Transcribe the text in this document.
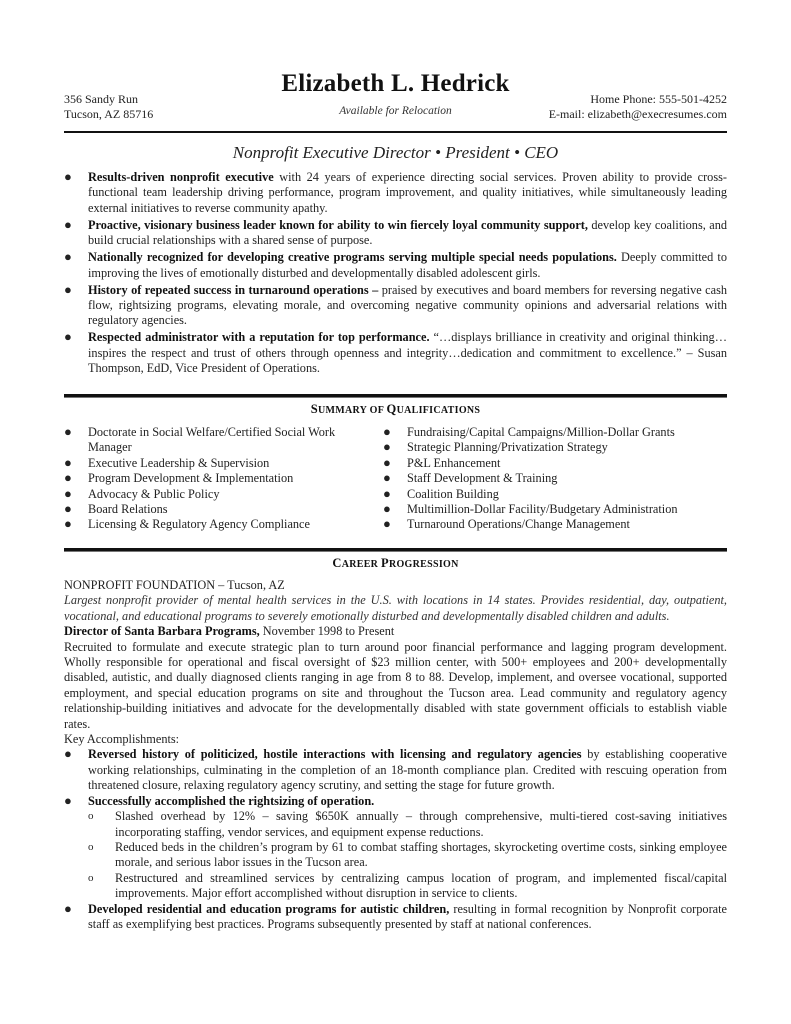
356 Sandy Run
Tucson, AZ 85716
Elizabeth L. Hedrick
Available for Relocation
Home Phone: 555-501-4252
E-mail: elizabeth@execresumes.com
Nonprofit Executive Director • President • CEO
● Results-driven nonprofit executive with 24 years of experience directing social services. Proven ability to provide cross-functional team leadership driving performance, program improvement, and quality initiatives, while simultaneously leading external initiatives to reverse community apathy.
● Proactive, visionary business leader known for ability to win fiercely loyal community support, develop key coalitions, and build crucial relationships with a shared sense of purpose.
● Nationally recognized for developing creative programs serving multiple special needs populations. Deeply committed to improving the lives of emotionally disturbed and developmentally disabled adolescent girls.
● History of repeated success in turnaround operations – praised by executives and board members for reversing negative cash flow, rightsizing programs, elevating morale, and overcoming negative community opinions and adversarial relations with regulatory agencies.
● Respected administrator with a reputation for top performance. “…displays brilliance in creativity and original thinking…inspires the respect and trust of others through openness and integrity…dedication and commitment to excellence.” – Susan Thompson, EdD, Vice President of Operations.
SUMMARY OF QUALIFICATIONS
● Doctorate in Social Welfare/Certified Social Work Manager
● Executive Leadership & Supervision
● Program Development & Implementation
● Advocacy & Public Policy
● Board Relations
● Licensing & Regulatory Agency Compliance
● Fundraising/Capital Campaigns/Million-Dollar Grants
● Strategic Planning/Privatization Strategy
● P&L Enhancement
● Staff Development & Training
● Coalition Building
● Multimillion-Dollar Facility/Budgetary Administration
● Turnaround Operations/Change Management
CAREER PROGRESSION

NONPROFIT FOUNDATION – Tucson, AZ

Largest nonprofit provider of mental health services in the U.S. with locations in 14 states. Provides residential, day, outpatient, vocational, and educational programs to severely emotionally disturbed and developmentally disabled children and adults.

Director of Santa Barbara Programs, November 1998 to Present

Recruited to formulate and execute strategic plan to turn around poor financial performance and lagging program development. Wholly responsible for operational and fiscal oversight of $23 million center, with 500+ employees and 200+ developmentally disabled, autistic, and dually diagnosed clients ranging in age from 8 to 88. Develop, implement, and oversee vocational, supported employment, and special education programs on site and throughout the Tucson area. Lead community and regulatory agency relationship-building initiatives and advocate for the developmentally disabled with state government officials to establish viable rates.

Key Accomplishments:

● Reversed history of politicized, hostile interactions with licensing and regulatory agencies by establishing cooperative working relationships, culminating in the completion of an 18-month compliance plan. Credited with rescuing operation from threatened closure, relaxing regulatory agency scrutiny, and setting the stage for future growth.
● Successfully accomplished the rightsizing of operation.
o Slashed overhead by 12% – saving $650K annually – through comprehensive, multi-tiered cost-saving initiatives incorporating staffing, vendor services, and equipment expense reductions.
o Reduced beds in the children’s program by 61 to combat staffing shortages, skyrocketing overtime costs, sinking employee morale, and serious labor issues in the Tucson area.
o Restructured and streamlined services by centralizing campus location of program, and implemented fiscal/capital improvements. Major effort accomplished without disruption in service to clients.
● Developed residential and education programs for autistic children, resulting in formal recognition by Nonprofit corporate staff as exemplifying best practices. Programs subsequently presented by staff at national conferences.
